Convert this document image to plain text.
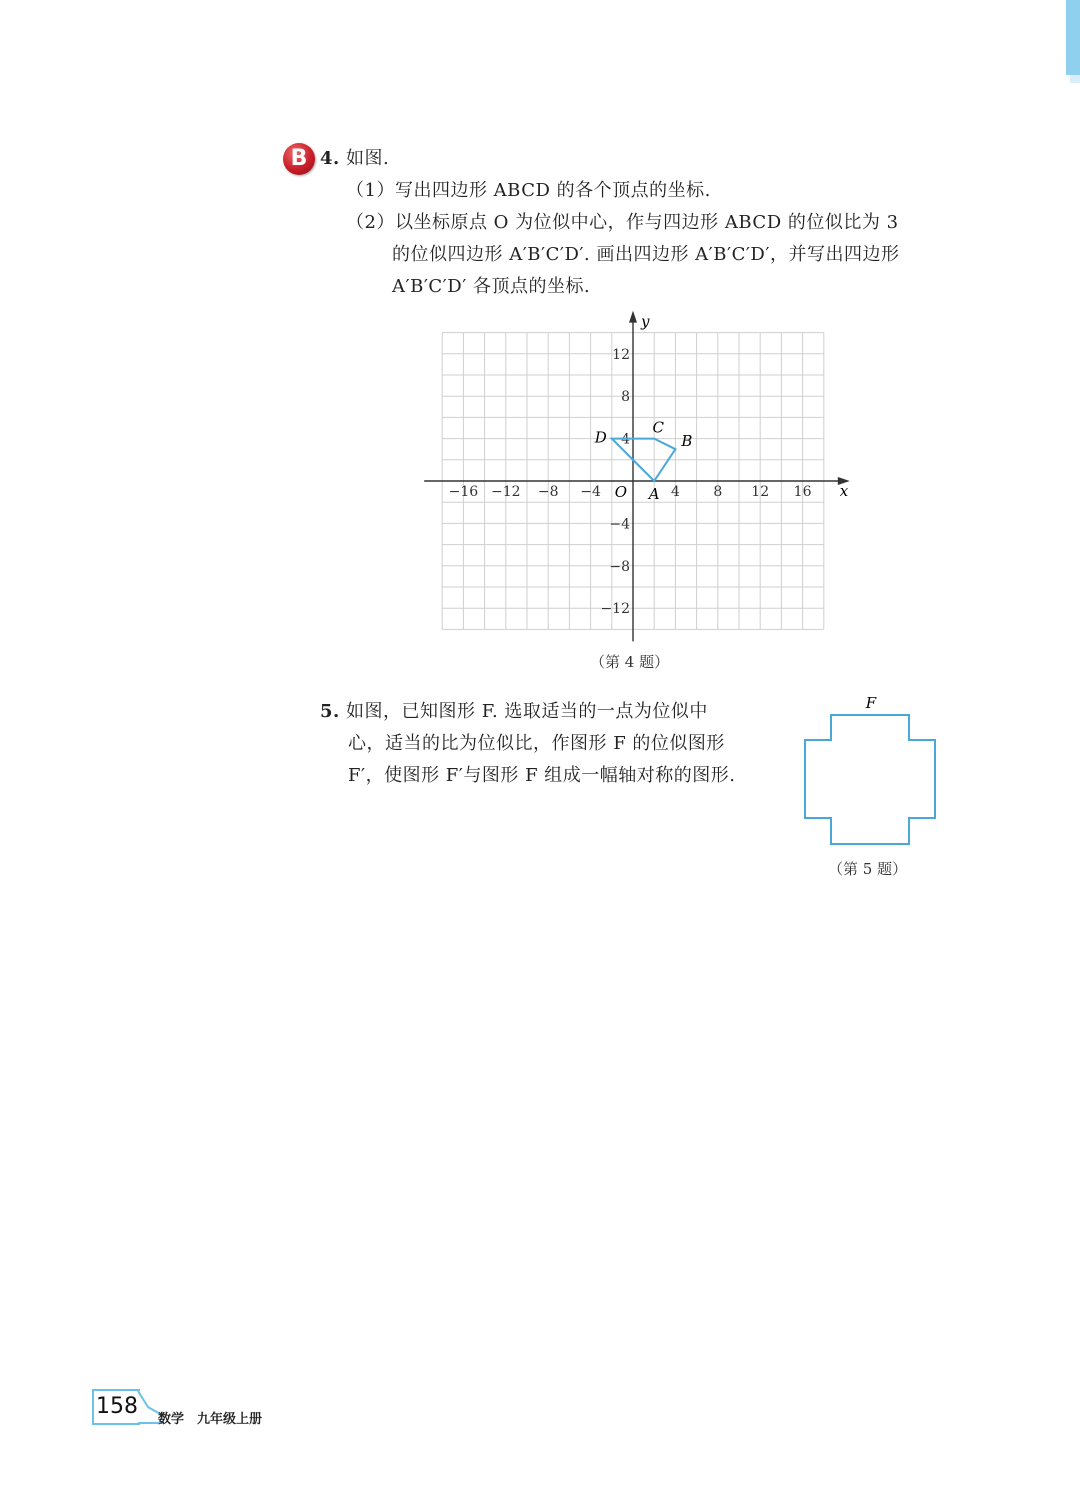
B 4. 如图.
（1）写出四边形 ABCD 的各个顶点的坐标.
（2）以坐标原点 O 为位似中心，作与四边形 ABCD 的位似比为 3
的位似四边形 A′B′C′D′. 画出四边形 A′B′C′D′，并写出四边形
A′B′C′D′ 各顶点的坐标.
x
y
−16 −12 −8 −4	4 8 12 16
12
8
4
−4
−8
−12
O A
B
C
D
（第 4 题）
5. 如图，已知图形 F. 选取适当的一点为位似中
心，适当的比为位似比，作图形 F 的位似图形
F′，使图形 F′与图形 F 组成一幅轴对称的图形.
F
（第 5 题）
158
数学　九年级上册
